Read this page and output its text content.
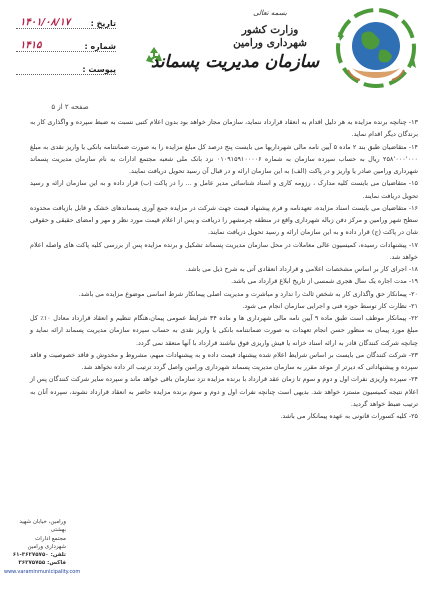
بسمه تعالی
وزارت کشور
شهرداری ورامین
سازمان مدیریت پسماند
تاریخ :
۱۴۰۱/۰۸/۱۷
شماره :
۱۴۱۵
پیوست :
صفحه ۲ از ۵

۱۳- چنانچه برنده مزایده به هر دلیل اقدام به انعقاد قرارداد ننماید، سازمان مجاز خواهد بود بدون اعلام کتبی نسبت به ضبط سپرده و واگذاری کار به برندگان دیگر اقدام نماید.

۱۴- متقاضیان طبق بند ۲ ماده ۵ آیین نامه مالی شهرداریها می بایست پنج درصد کل مبلغ مزایده را به صورت ضمانتنامه بانکی یا واریز نقدی به مبلغ ۲۵۸٬۰۰۰٬۰۰۰ ریال به حساب سپرده سازمان به شماره ۰۱۰۹۱۵۹۱۰۰۰۰۶ نزد بانک ملی شعبه مجتمع ادارات به نام سازمان مدیریت پسماند شهرداری ورامین صادر یا واریز و در پاکت (الف) به این سازمان ارائه و در قبال آن رسید تحویل دریافت نمایند.

۱۵- متقاضیان می بایست کلیه مدارک ، رزومه کاری و اسناد شناسائی مدیر عامل و ... را در پاکت (ب) قرار داده و به این سازمان ارائه و رسید تحویل دریافت نمایند.

۱۶- متقاضیان می بایست اسناد مزایده، تعهدنامه و فرم پیشنهاد قیمت جهت شرکت در مزایده جمع آوری پسماندهای خشک و قابل بازیافت محدوده سطح شهر ورامین و مرکز دفن زباله شهرداری واقع در منطقه چرمشهر را دریافت و پس از اعلام قیمت مورد نظر و مهر و امضای حقیقی و حقوقی شان در پاکت (ج) قرار داده و به این سازمان ارائه و رسید تحویل دریافت نمایند.

۱۷- پیشنهادات رسیده، کمیسیون عالی معاملات در محل سازمان مدیریت پسماند تشکیل و برنده مزایده پس از بررسی کلیه پاکت های واصله اعلام خواهد شد.

۱۸- اجرای کار بر اساس مشخصات اعلامی و قرارداد انعقادی آتی به شرح ذیل می باشد.

۱۹- مدت اجاره یک سال هجری شمسی از تاریخ ابلاغ قرارداد می باشد.

۲۰- پیمانکار حق واگذاری کار به شخص ثالث را ندارد و مباشرت و مدیریت اصلی پیمانکار شرط اساسی موضوع مزایده می باشد.

۲۱- نظارت کار توسط حوزه فنی و اجرایی سازمان انجام می شود.

۲۲- پیمانکار موظف است طبق ماده ۹ آیین نامه مالی شهرداری ها و ماده ۳۴ شرایط عمومی پیمان،هنگام تنظیم و انعقاد قرارداد معادل ۱۰٪ کل مبلغ مورد پیمان به منظور حسن انجام تعهدات به صورت ضمانتنامه بانکی یا واریز نقدی به حساب سپرده سازمان مدیریت پسماند ارائه نماید و چنانچه شرکت کنندگان قادر به ارائه اسناد خزانه یا فیش واریزی فوق نباشند قرارداد با آنها منعقد نمی گردد.

۲۳- شرکت کنندگان می بایست بر اساس شرایط اعلام شده پیشنهاد قیمت داده و به پیشنهادات مبهم، مشروط و مخدوش و فاقد خصوصیت و فاقد سپرده و پیشنهاداتی که دیرتر از موعد مقرر به سازمان مدیریت پسماند شهرداری ورامین واصل گردد ترتیب اثر داده نخواهد شد.

۲۴- سپرده واریزی نفرات اول و دوم و سوم تا زمان عقد قرارداد با برنده مزایده نزد سازمان باقی خواهد ماند و سپرده سایر شرکت کنندگان پس از اعلام نتیجه کمیسیون مسترد خواهد شد. بدیهی است چنانچه نفرات اول و دوم و سوم برنده مزایده حاضر به انعقاد قرارداد نشوند، سپرده آنان به ترتیب ضبط خواهد گردید.

۲۵- کلیه کسورات قانونی به عهده پیمانکار می باشد.

ورامین، خیابان شهید بهشتی
مجتمع ادارات
شهرداری ورامین
تلفن: ۳۶۲۷۵۷۵۰-۶۱
فاکس: ۳۶۲۷۵۷۵۵
www.varaminmunicipality.com
